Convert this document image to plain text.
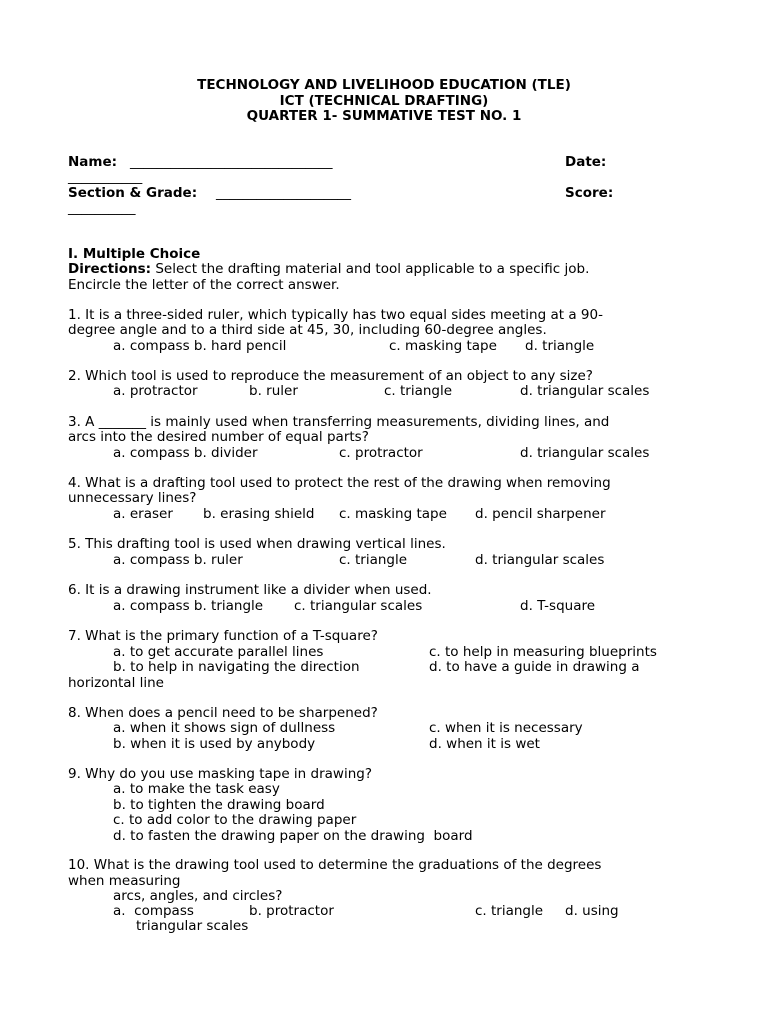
TECHNOLOGY AND LIVELIHOOD EDUCATION (TLE)
ICT (TECHNICAL DRAFTING)
QUARTER 1- SUMMATIVE TEST NO. 1
Name: ______________________________	Date:
___________
Section & Grade: ____________________	Score:
__________
I. Multiple Choice
Directions: Select the drafting material and tool applicable to a specific job.
Encircle the letter of the correct answer.
1. It is a three-sided ruler, which typically has two equal sides meeting at a 90-
degree angle and to a third side at 45, 30, including 60-degree angles.
a. compass b. hard pencil	c. masking tape d. triangle
2. Which tool is used to reproduce the measurement of an object to any size?
a. protractor	b. ruler	c. triangle	d. triangular scales
3. A _______ is mainly used when transferring measurements, dividing lines, and
arcs into the desired number of equal parts?
a. compass b. divider	c. protractor	d. triangular scales
4. What is a drafting tool used to protect the rest of the drawing when removing
unnecessary lines?
a. eraser b. erasing shield c. masking tape d. pencil sharpener
5. This drafting tool is used when drawing vertical lines.
a. compass b. ruler	c. triangle	d. triangular scales
6. It is a drawing instrument like a divider when used.
a. compass b. triangle c. triangular scales	d. T-square
7. What is the primary function of a T-square?
a. to get accurate parallel lines	c. to help in measuring blueprints
b. to help in navigating the direction	d. to have a guide in drawing a
horizontal line
8. When does a pencil need to be sharpened?
a. when it shows sign of dullness	c. when it is necessary
b. when it is used by anybody	d. when it is wet
9. Why do you use masking tape in drawing?
a. to make the task easy
b. to tighten the drawing board
c. to add color to the drawing paper
d. to fasten the drawing paper on the drawing  board
10. What is the drawing tool used to determine the graduations of the degrees
when measuring
arcs, angles, and circles?
a.  compass	b. protractor	c. triangle d. using
triangular scales
